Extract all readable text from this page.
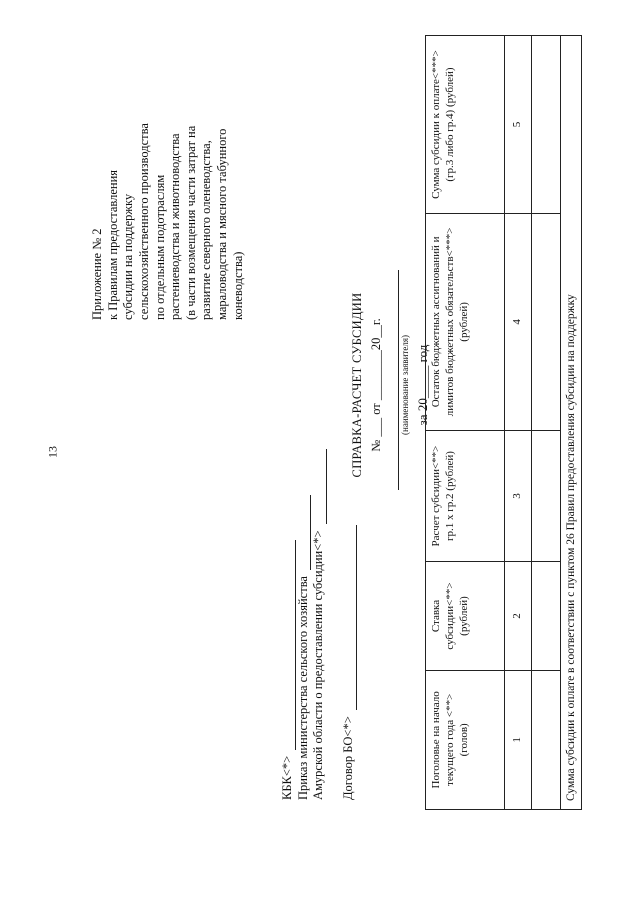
13
Приложение № 2 к Правилам предоставления субсидии на поддержку сельскохозяйственного производства по отдельным подотраслям растениеводства и животноводства (в части возмещения части затрат на развитие северного оленеводства, мараловодства и мясного табунного коневодства)
КБК<*> Приказ министерства сельского хозяйства Амурской области о предоставлении субсидии<*> Договор БО<*>
СПРАВКА-РАСЧЕТ СУБСИДИИ № ___ от ________20__г. (наименование заявителя) за 20_____ год
Поголовье на начало текущего года <**> (голов)	Ставка субсидии<**> (рублей)	Расчет субсидии<**> гр.1 х гр.2 (рублей)	Остаток бюджетных ассигнований и лимитов бюджетных обязательств<***> (рублей)	Сумма субсидии к оплате<***> (гр.3 либо гр.4) (рублей)
1	2	3	4	5

Сумма субсидии к оплате в соответствии с пунктом 26 Правил предоставления субсидии на поддержку				
